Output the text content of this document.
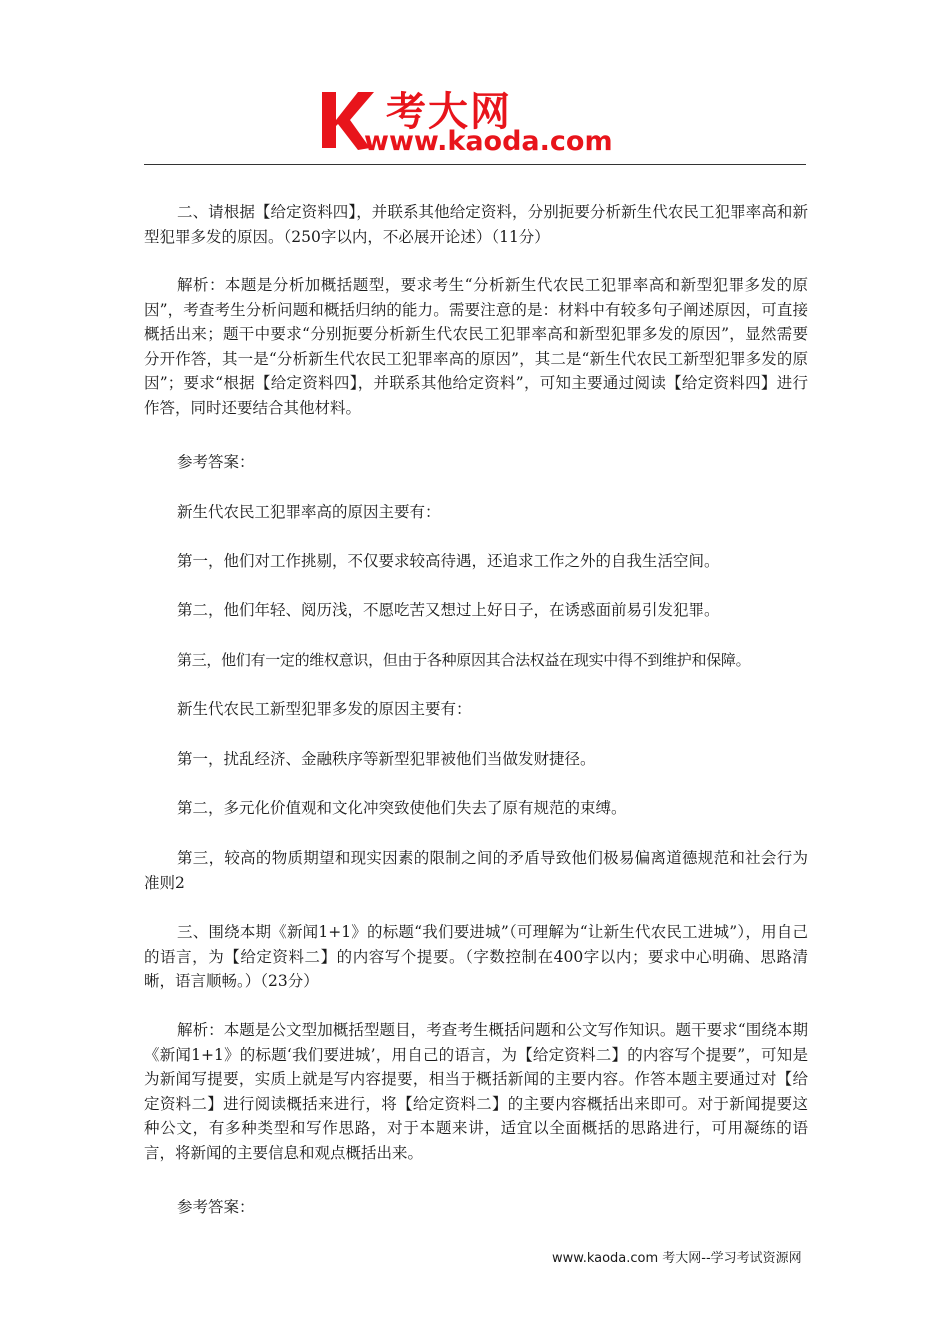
考大网
www.kaoda.com

二、请根据【给定资料四】，并联系其他给定资料，分别扼要分析新生代农民工犯罪率高和新型犯罪多发的原因。（250字以内，不必展开论述）（11分）

解析：本题是分析加概括题型，要求考生“分析新生代农民工犯罪率高和新型犯罪多发的原因”，考查考生分析问题和概括归纳的能力。需要注意的是：材料中有较多句子阐述原因，可直接概括出来；题干中要求“分别扼要分析新生代农民工犯罪率高和新型犯罪多发的原因”，显然需要分开作答，其一是“分析新生代农民工犯罪率高的原因”，其二是“新生代农民工新型犯罪多发的原因”；要求“根据【给定资料四】，并联系其他给定资料”，可知主要通过阅读【给定资料四】进行作答，同时还要结合其他材料。

参考答案：

新生代农民工犯罪率高的原因主要有：

第一，他们对工作挑剔，不仅要求较高待遇，还追求工作之外的自我生活空间。

第二，他们年轻、阅历浅，不愿吃苦又想过上好日子，在诱惑面前易引发犯罪。

第三，他们有一定的维权意识，但由于各种原因其合法权益在现实中得不到维护和保障。

新生代农民工新型犯罪多发的原因主要有：

第一，扰乱经济、金融秩序等新型犯罪被他们当做发财捷径。

第二，多元化价值观和文化冲突致使他们失去了原有规范的束缚。

第三，较高的物质期望和现实因素的限制之间的矛盾导致他们极易偏离道德规范和社会行为准则2

三、围绕本期《新闻1+1》的标题“我们要进城”（可理解为“让新生代农民工进城”），用自己的语言，为【给定资料二】的内容写个提要。（字数控制在400字以内；要求中心明确、思路清晰，语言顺畅。）（23分）

解析：本题是公文型加概括型题目，考查考生概括问题和公文写作知识。题干要求“围绕本期《新闻1+1》的标题‘我们要进城’，用自己的语言，为【给定资料二】的内容写个提要”，可知是为新闻写提要，实质上就是写内容提要，相当于概括新闻的主要内容。作答本题主要通过对【给定资料二】进行阅读概括来进行，将【给定资料二】的主要内容概括出来即可。对于新闻提要这种公文，有多种类型和写作思路，对于本题来讲，适宜以全面概括的思路进行，可用凝练的语言，将新闻的主要信息和观点概括出来。

参考答案：

www.kaoda.com 考大网--学习考试资源网
